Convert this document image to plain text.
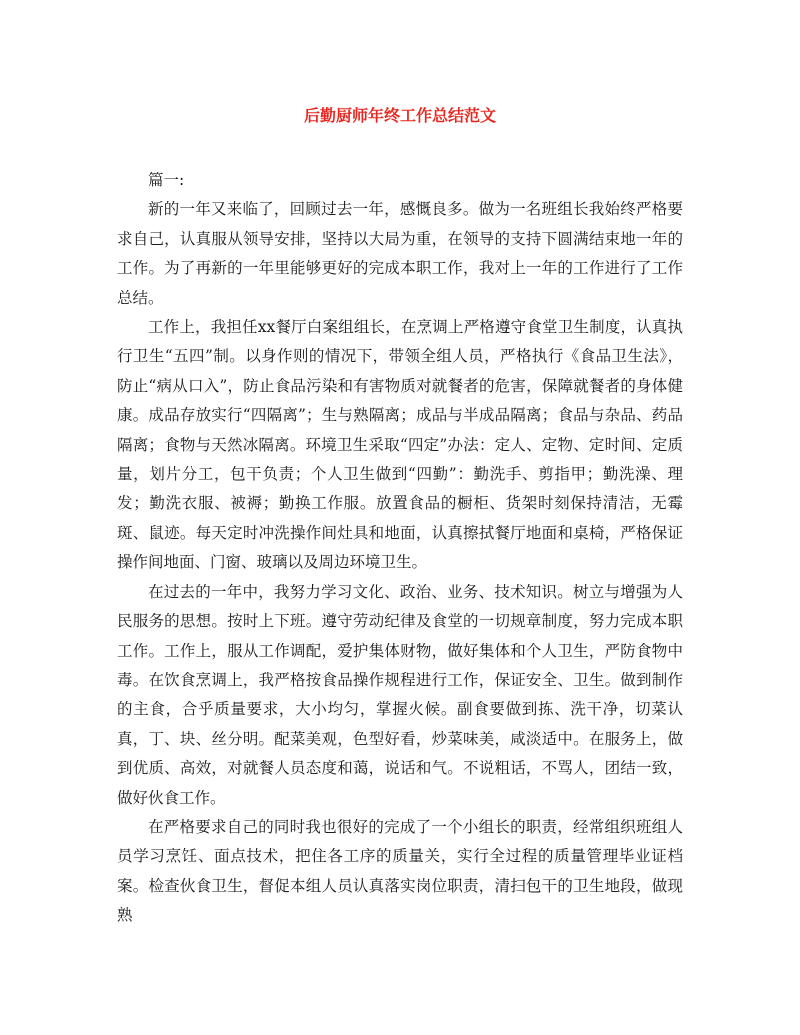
后勤厨师年终工作总结范文

篇一:

新的一年又来临了，回顾过去一年，感慨良多。做为一名班组长我始终严格要求自己，认真服从领导安排，坚持以大局为重，在领导的支持下圆满结束地一年的工作。为了再新的一年里能够更好的完成本职工作，我对上一年的工作进行了工作总结。

工作上，我担任xx餐厅白案组组长，在烹调上严格遵守食堂卫生制度，认真执行卫生“五四”制。以身作则的情况下，带领全组人员，严格执行《食品卫生法》，防止“病从口入”，防止食品污染和有害物质对就餐者的危害，保障就餐者的身体健康。成品存放实行“四隔离”；生与熟隔离；成品与半成品隔离；食品与杂品、药品隔离；食物与天然冰隔离。环境卫生采取“四定”办法：定人、定物、定时间、定质量，划片分工，包干负责；个人卫生做到“四勤”：勤洗手、剪指甲；勤洗澡、理发；勤洗衣服、被褥；勤换工作服。放置食品的橱柜、货架时刻保持清洁，无霉斑、鼠迹。每天定时冲洗操作间灶具和地面，认真擦拭餐厅地面和桌椅，严格保证操作间地面、门窗、玻璃以及周边环境卫生。

在过去的一年中，我努力学习文化、政治、业务、技术知识。树立与增强为人民服务的思想。按时上下班。遵守劳动纪律及食堂的一切规章制度，努力完成本职工作。工作上，服从工作调配，爱护集体财物，做好集体和个人卫生，严防食物中毒。在饮食烹调上，我严格按食品操作规程进行工作，保证安全、卫生。做到制作的主食，合乎质量要求，大小均匀，掌握火候。副食要做到拣、洗干净，切菜认真，丁、块、丝分明。配菜美观，色型好看，炒菜味美，咸淡适中。在服务上，做到优质、高效，对就餐人员态度和蔼，说话和气。不说粗话，不骂人，团结一致，做好伙食工作。

在严格要求自己的同时我也很好的完成了一个小组长的职责，经常组织班组人员学习烹饪、面点技术，把住各工序的质量关，实行全过程的质量管理毕业证档案。检查伙食卫生，督促本组人员认真落实岗位职责，清扫包干的卫生地段，做现熟
